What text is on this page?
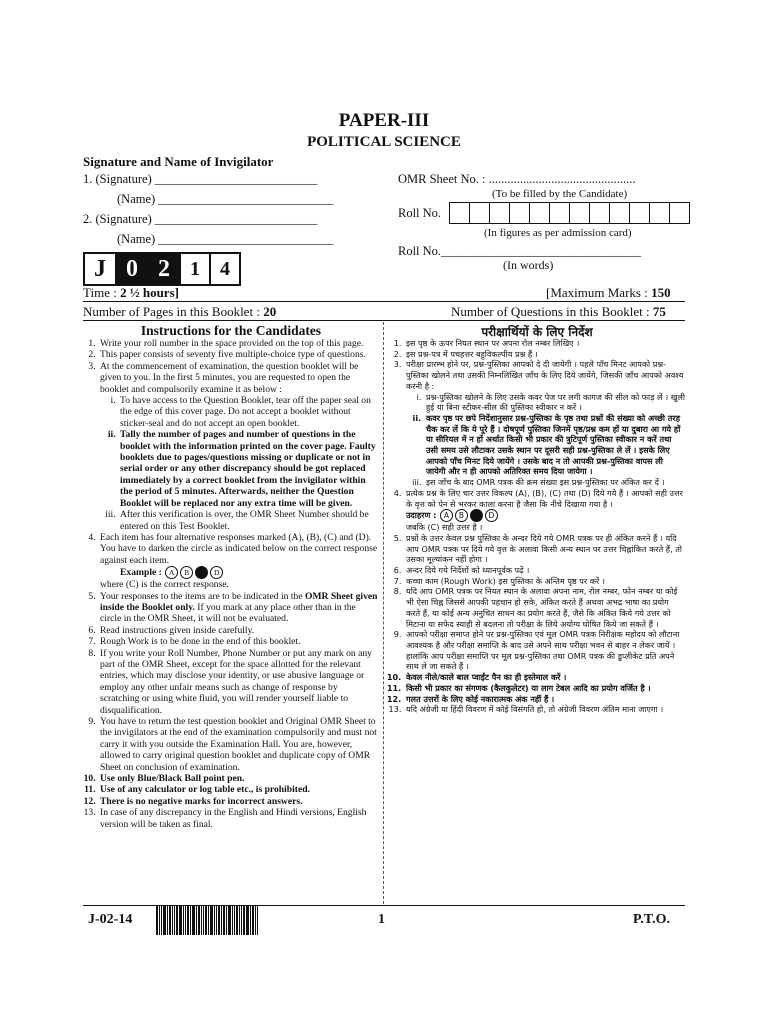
PAPER-III
POLITICAL SCIENCE
Signature and Name of Invigilator
1. (Signature) __________________________
(Name) ____________________________
2. (Signature) __________________________
(Name) ____________________________
OMR Sheet No. : ...............................................
(To be filled by the Candidate)
Roll No.
(In figures as per admission card)
Roll No.________________________________
(In words)
J 0 2	1	4
Time : 2 ½ hours]	[Maximum Marks : 150
Number of Pages in this Booklet : 20	Number of Questions in this Booklet : 75
Instructions for the Candidates	परीक्षार्थियों के लिए निर्देश
1. Write your roll number in the space provided on the top of this page.
2. This paper consists of seventy five multiple-choice type of questions.
3. At the commencement of examination, the question booklet will be given to you. In the first 5 minutes, you are requested to open the booklet and compulsorily examine it as below :
i. To have access to the Question Booklet, tear off the paper seal on the edge of this cover page. Do not accept a booklet without sticker-seal and do not accept an open booklet.
ii. Tally the number of pages and number of questions in the booklet with the information printed on the cover page. Faulty booklets due to pages/questions missing or duplicate or not in serial order or any other discrepancy should be got replaced immediately by a correct booklet from the invigilator within the period of 5 minutes. Afterwards, neither the Question Booklet will be replaced nor any extra time will be given.
iii. After this verification is over, the OMR Sheet Number should be entered on this Test Booklet.
4. Each item has four alternative responses marked (A), (B), (C) and (D). You have to darken the circle as indicated below on the correct response against each item.
Example : A B	D
where (C) is the correct response.
5. Your responses to the items are to be indicated in the OMR Sheet given inside the Booklet only. If you mark at any place other than in the circle in the OMR Sheet, it will not be evaluated.
6. Read instructions given inside carefully.
7. Rough Work is to be done in the end of this booklet.
8. If you write your Roll Number, Phone Number or put any mark on any part of the OMR Sheet, except for the space allotted for the relevant entries, which may disclose your identity, or use abusive language or employ any other unfair means such as change of response by scratching or using white fluid, you will render yourself liable to disqualification.
9. You have to return the test question booklet and Original OMR Sheet to the invigilators at the end of the examination compulsorily and must not carry it with you outside the Examination Hall. You are, however, allowed to carry original question booklet and duplicate copy of OMR Sheet on conclusion of examination.
10. Use only Blue/Black Ball point pen.
11. Use of any calculator or log table etc., is prohibited.
12. There is no negative marks for incorrect answers.
13. In case of any discrepancy in the English and Hindi versions, English version will be taken as final.
1. इस पृष्ठ के ऊपर नियत स्थान पर अपना रोल नम्बर लिखिए ।
2. इस प्रश्न-पत्र में पचहत्तर बहुविकल्पीय प्रश्न हैं ।
3. परीक्षा प्रारम्भ होने पर, प्रश्न-पुस्तिका आपको दे दी जायेगी । पहले पाँच मिनट आपको प्रश्न-पुस्तिका खोलने तथा उसकी निम्नलिखित जाँच के लिए दिये जायेंगे, जिसकी जाँच आपको अवश्य करनी है :
i. प्रश्न-पुस्तिका खोलने के लिए उसके कवर पेज पर लगी कागज की सील को फाड़ लें । खुली हुई या बिना स्टीकर-सील की पुस्तिका स्वीकार न करें ।
ii. कवर पृष्ठ पर छपे निर्देशानुसार प्रश्न-पुस्तिका के पृष्ठ तथा प्रश्नों की संख्या को अच्छी तरह चैक कर लें कि ये पूरे हैं । दोषपूर्ण पुस्तिका जिनमें पृष्ठ/प्रश्न कम हों या दुबारा आ गये हों या सीरियल में न हों अर्थात किसी भी प्रकार की त्रुटिपूर्ण पुस्तिका स्वीकार न करें तथा उसी समय उसे लौटाकर उसके स्थान पर दूसरी सही प्रश्न-पुस्तिका ले लें । इसके लिए आपको पाँच मिनट दिये जायेंगे । उसके बाद न तो आपकी प्रश्न-पुस्तिका वापस ली जायेगी और न ही आपको अतिरिक्त समय दिया जायेगा ।
iii. इस जाँच के बाद OMR पत्रक की क्रम संख्या इस प्रश्न-पुस्तिका पर अंकित कर दें ।
4. प्रत्येक प्रश्न के लिए चार उत्तर विकल्प (A), (B), (C) तथा (D) दिये गये हैं । आपको सही उत्तर के वृत्त को पेन से भरकर काला करना है जैसा कि नीचे दिखाया गया है ।
उदाहरण : A B	D
जबकि (C) सही उत्तर है ।
5. प्रश्नों के उत्तर केवल प्रश्न पुस्तिका के अन्दर दिये गये OMR पत्रक पर ही अंकित करने हैं । यदि आप OMR पत्रक पर दिये गये वृत्त के अलावा किसी अन्य स्थान पर उत्तर चिह्नांकित करते हैं, तो उसका मूल्यांकन नहीं होगा ।
6. अन्दर दिये गये निर्देशों को ध्यानपूर्वक पढ़ें ।
7. कच्चा काम (Rough Work) इस पुस्तिका के अन्तिम पृष्ठ पर करें ।
8. यदि आप OMR पत्रक पर नियत स्थान के अलावा अपना नाम, रोल नम्बर, फोन नम्बर या कोई भी ऐसा चिह्न जिससे आपकी पहचान हो सके, अंकित करते हैं अथवा अभद्र भाषा का प्रयोग करते हैं, या कोई अन्य अनुचित साधन का प्रयोग करते हैं, जैसे कि अंकित किये गये उत्तर को मिटाना या सफेद स्याही से बदलना तो परीक्षा के लिये अयोग्य घोषित किये जा सकते हैं ।
9. आपको परीक्षा समाप्त होने पर प्रश्न-पुस्तिका एवं मूल OMR पत्रक निरीक्षक महोदय को लौटाना आवश्यक है और परीक्षा समाप्ति के बाद उसे अपने साथ परीक्षा भवन से बाहर न लेकर जायें । हालांकि आप परीक्षा समाप्ति पर मूल प्रश्न-पुस्तिका तथा OMR पत्रक की डुप्लीकेट प्रति अपने साथ ले जा सकते हैं ।
10. केवल नीले/काले बाल प्वाईंट पैन का ही इस्तेमाल करें ।
11. किसी भी प्रकार का संगणक (कैलकुलेटर) या लाग टेबल आदि का प्रयोग वर्जित है ।
12. गलत उत्तरों के लिए कोई नकारात्मक अंक नहीं हैं ।
13. यदि अंग्रेजी या हिंदी विवरण में कोई विसंगति हो, तो अंग्रेजी विवरण अंतिम माना जाएगा ।
J-02-14	1	P.T.O.
